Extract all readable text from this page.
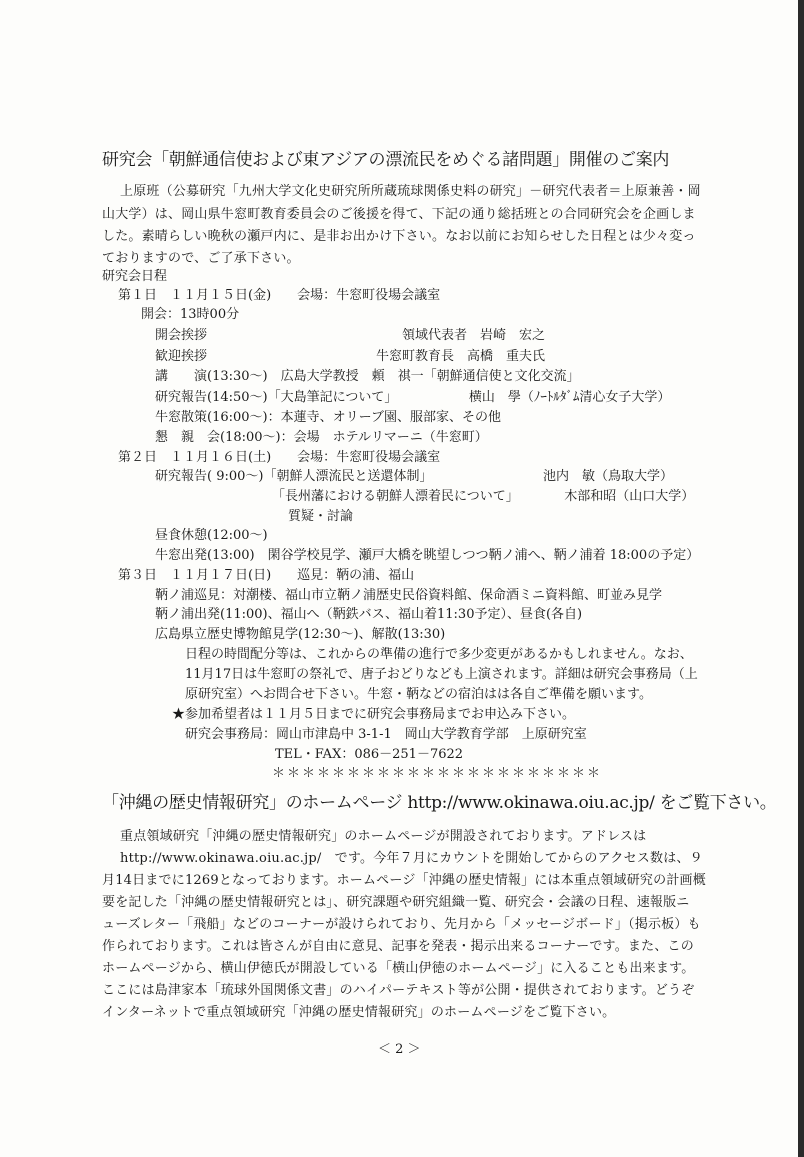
研究会「朝鮮通信使および東アジアの漂流民をめぐる諸問題」開催のご案内
上原班（公募研究「九州大学文化史研究所所蔵琉球関係史料の研究」－研究代表者＝上原兼善・岡
山大学）は、岡山県牛窓町教育委員会のご後援を得て、下記の通り総括班との合同研究会を企画しま
した。素晴らしい晩秋の瀬戸内に、是非お出かけ下さい。なお以前にお知らせした日程とは少々変っ
ておりますので、ご了承下さい。
研究会日程
第１日　１１月１５日(金)　　会場：牛窓町役場会議室
開会：13時00分
開会挨拶　　　　　　　　　　　　　　　領域代表者　岩崎　宏之
歓迎挨拶　　　　　　　　　　　　　牛窓町教育長　高橋　重夫氏
講　　演(13:30～)　広島大学教授　頼　祺一「朝鮮通信使と文化交流」
研究報告(14:50～)「大島筆記について」　　　　　　横山　學（ﾉｰﾄﾙﾀﾞﾑ清心女子大学）
牛窓散策(16:00～)：本蓮寺、オリーブ園、服部家、その他
懇　親　会(18:00～)：会場　ホテルリマーニ（牛窓町）
第２日　１１月１６日(土)　　会場：牛窓町役場会議室
研究報告( 9:00～)「朝鮮人漂流民と送還体制」　　　　　　　　　池内　敏（鳥取大学）
「長州藩における朝鮮人漂着民について」　　　　木部和昭（山口大学）
質疑・討論
昼食休憩(12:00～)
牛窓出発(13:00)　閑谷学校見学、瀬戸大橋を眺望しつつ鞆ノ浦へ、鞆ノ浦着 18:00の予定）
第３日　１１月１７日(日)　　巡見：鞆の浦、福山
鞆ノ浦巡見：対潮楼、福山市立鞆ノ浦歴史民俗資料館、保命酒ミニ資料館、町並み見学
鞆ノ浦出発(11:00)、福山へ（鞆鉄バス、福山着11:30予定）、昼食(各自)
広島県立歴史博物館見学(12:30～)、解散(13:30)
日程の時間配分等は、これからの準備の進行で多少変更があるかもしれません。なお、
11月17日は牛窓町の祭礼で、唐子おどりなども上演されます。詳細は研究会事務局（上
原研究室）へお問合せ下さい。牛窓・鞆などの宿泊はは各自ご準備を願います。
★参加希望者は１１月５日までに研究会事務局までお申込み下さい。
研究会事務局：岡山市津島中 3-1-1　岡山大学教育学部　上原研究室
TEL・FAX：086－251－7622
＊＊＊＊＊＊＊＊＊＊＊＊＊＊＊＊＊＊＊＊＊＊
「沖縄の歴史情報研究」のホームページ http://www.okinawa.oiu.ac.jp/ をご覧下さい。
重点領域研究「沖縄の歴史情報研究」のホームページが開設されております。アドレスは
http://www.okinawa.oiu.ac.jp/　です。今年７月にカウントを開始してからのアクセス数は、９
月14日までに1269となっております。ホームページ「沖縄の歴史情報」には本重点領域研究の計画概
要を記した「沖縄の歴史情報研究とは」、研究課題や研究組織一覧、研究会・会議の日程、速報版ニ
ューズレター「飛船」などのコーナーが設けられており、先月から「メッセージボード」（掲示板）も
作られております。これは皆さんが自由に意見、記事を発表・掲示出来るコーナーです。また、この
ホームページから、横山伊徳氏が開設している「横山伊徳のホームページ」に入ることも出来ます。
ここには島津家本「琉球外国関係文書」のハイパーテキスト等が公開・提供されております。どうぞ
インターネットで重点領域研究「沖縄の歴史情報研究」のホームページをご覧下さい。
＜ 2 ＞
